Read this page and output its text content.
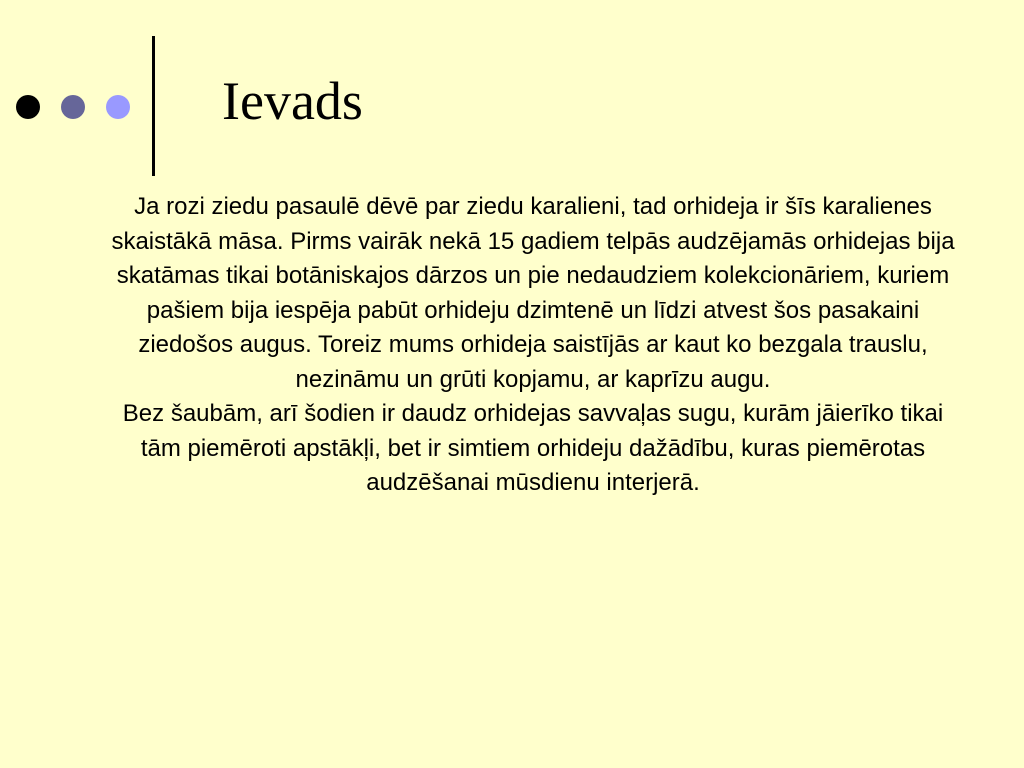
Ievads

Ja rozi ziedu pasaulē dēvē par ziedu karalieni, tad orhideja ir šīs karalienes skaistākā māsa. Pirms vairāk nekā 15 gadiem telpās audzējamās orhidejas bija skatāmas tikai botāniskajos dārzos un pie nedaudziem kolekcionāriem, kuriem pašiem bija iespēja pabūt orhideju dzimtenē un līdzi atvest šos pasakaini ziedošos augus. Toreiz mums orhideja saistījās ar kaut ko bezgala trauslu, nezināmu un grūti kopjamu, ar kaprīzu augu.

Bez šaubām, arī šodien ir daudz orhidejas savvaļas sugu, kurām jāierīko tikai tām piemēroti apstākļi, bet ir simtiem orhideju dažādību, kuras piemērotas audzēšanai mūsdienu interjerā.
